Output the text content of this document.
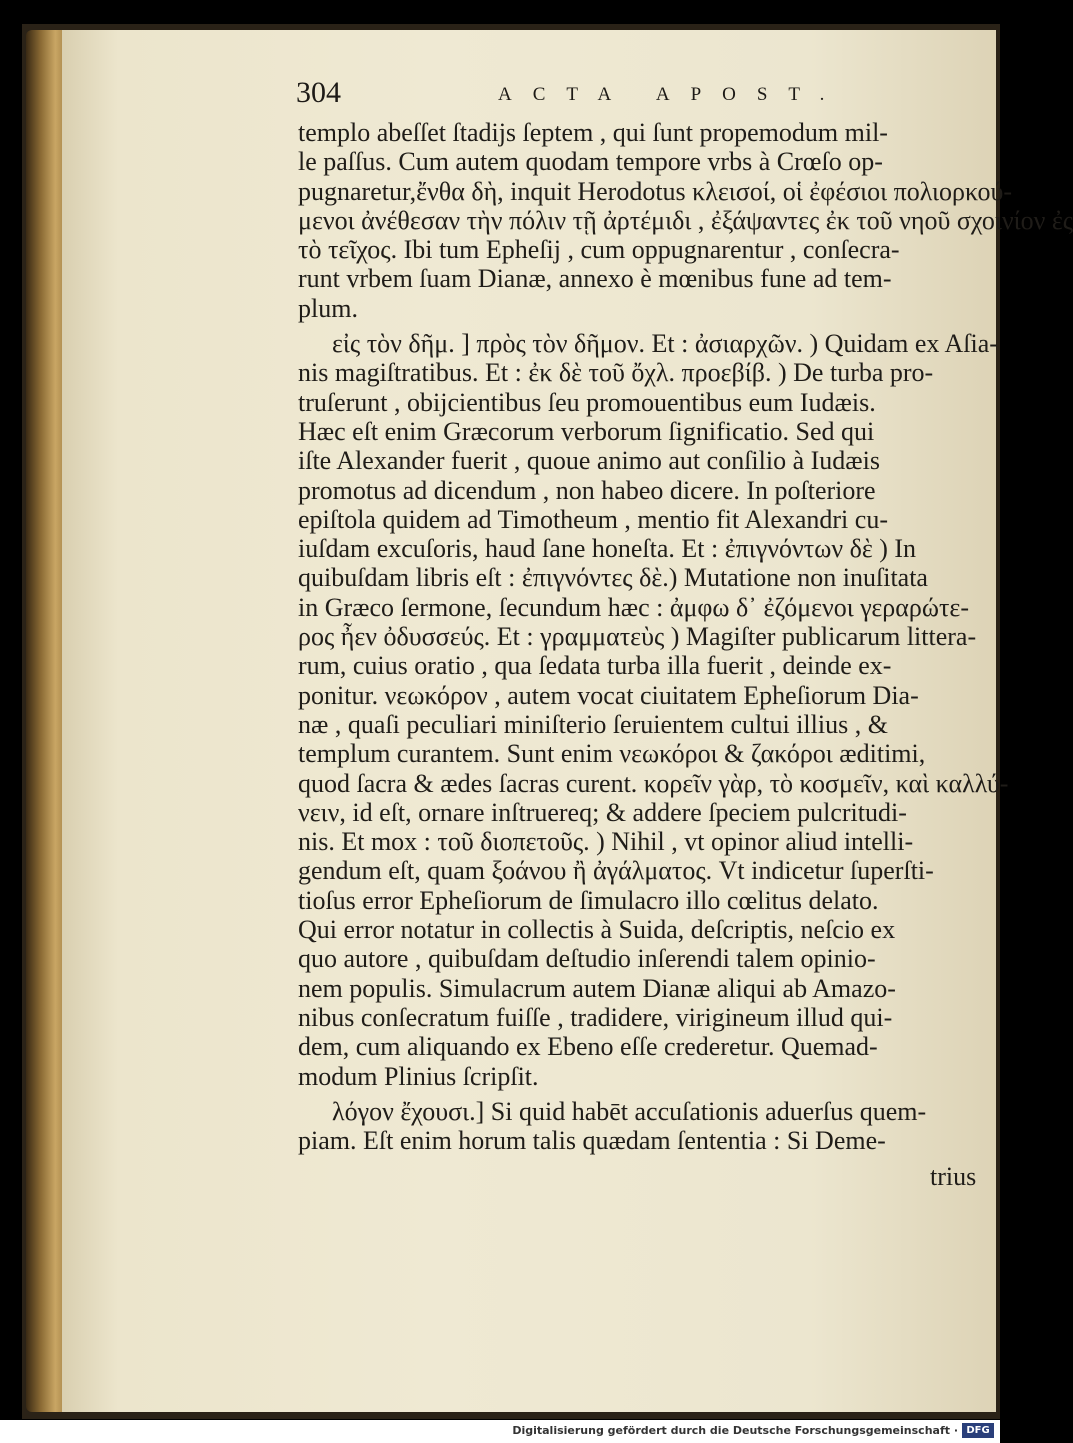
304	ACTA APOST.
templo abeſſet ſtadijs ſeptem , qui ſunt propemodum mil-
le paſſus. Cum autem quodam tempore vrbs à Crœſo op-
pugnaretur,ἔνθα δὴ, inquit Herodotus κλεισοί, οἱ ἐφέσιοι πολιορκού-
μενοι ἀνέθεσαν τὴν πόλιν τῇ ἀρτέμιδι , ἐξάψαντες ἐκ τοῦ νηοῦ σχοινίον ἐς
τὸ τεῖχος. Ibi tum Epheſij , cum oppugnarentur , conſecra-
runt vrbem ſuam Dianæ, annexo è mœnibus fune ad tem-
plum.
εἰς τὸν δῆμ. ] πρὸς τὸν δῆμον. Et : ἀσιαρχῶν. ) Quidam ex Aſia-
nis magiſtratibus. Et : ἐκ δὲ τοῦ ὄχλ. προεβίβ. ) De turba pro-
truſerunt , obijcientibus ſeu promouentibus eum Iudæis.
Hæc eſt enim Græcorum verborum ſignificatio. Sed qui
iſte Alexander fuerit , quoue animo aut conſilio à Iudæis
promotus ad dicendum , non habeo dicere. In poſteriore
epiſtola quidem ad Timotheum , mentio fit Alexandri cu-
iuſdam excuſoris, haud ſane honeſta. Et : ἐπιγνόντων δὲ ) In
quibuſdam libris eſt : ἐπιγνόντες δὲ.) Mutatione non inuſitata
in Græco ſermone, ſecundum hæc : ἀμφω δ᾽ ἐζόμενοι γεραρώτε-
ρος ἦεν ὀδυσσεύς. Et : γραμματεὺς ) Magiſter publicarum littera-
rum, cuius oratio , qua ſedata turba illa fuerit , deinde ex-
ponitur. νεωκόρον , autem vocat ciuitatem Epheſiorum Dia-
næ , quaſi peculiari miniſterio ſeruientem cultui illius , &
templum curantem. Sunt enim νεωκόροι & ζακόροι æditimi,
quod ſacra & ædes ſacras curent. κορεῖν γὰρ, τὸ κοσμεῖν, καὶ καλλύ-
νειν, id eſt, ornare inſtruereq; & addere ſpeciem pulcritudi-
nis. Et mox : τοῦ διοπετοῦς. ) Nihil , vt opinor aliud intelli-
gendum eſt, quam ξοάνου ἢ ἀγάλματος. Vt indicetur ſuperſti-
tioſus error Epheſiorum de ſimulacro illo cœlitus delato.
Qui error notatur in collectis à Suida, deſcriptis, neſcio ex
quo autore , quibuſdam deſtudio inſerendi talem opinio-
nem populis. Simulacrum autem Dianæ aliqui ab Amazo-
nibus conſecratum fuiſſe , tradidere, virigineum illud qui-
dem, cum aliquando ex Ebeno eſſe crederetur. Quemad-
modum Plinius ſcripſit.
λόγον ἔχουσι.] Si quid habēt accuſationis aduerſus quem-
piam. Eſt enim horum talis quædam ſententia : Si Deme-
trius
Digitalisierung gefördert durch die Deutsche Forschungsgemeinschaft · DFG
